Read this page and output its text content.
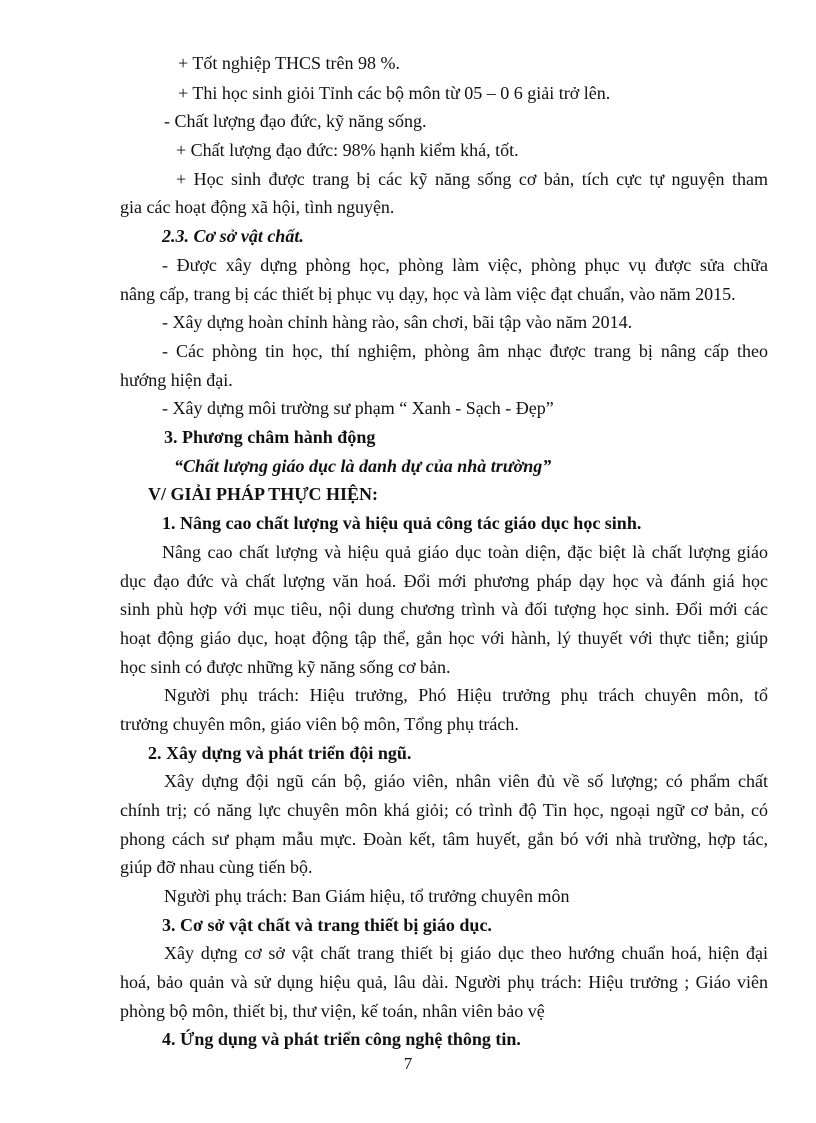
+ Tốt nghiệp THCS trên 98 %.
+ Thi học sinh giỏi Tỉnh các bộ môn từ 05 – 0 6 giải trở lên.
- Chất lượng đạo đức, kỹ năng sống.
+ Chất lượng đạo đức: 98% hạnh kiểm khá, tốt.
+ Học sinh được trang bị các kỹ năng sống cơ bản, tích cực tự nguyện tham
gia các hoạt động xã hội, tình nguyện.
2.3. Cơ sở vật chất.
- Được xây dựng phòng học, phòng làm việc, phòng phục vụ được sửa chữa
nâng cấp, trang bị các thiết bị phục vụ dạy, học và làm việc đạt chuẩn, vào năm 2015.
- Xây dựng hoàn chỉnh hàng rào, sân chơi, bãi tập vào năm 2014.
- Các phòng tin học, thí nghiệm, phòng âm nhạc được trang bị nâng cấp theo
hướng hiện đại.
- Xây dựng môi trường sư phạm “ Xanh - Sạch - Đẹp”
3. Phương châm hành động
“Chất lượng giáo dục là danh dự của nhà trường”
V/ GIẢI PHÁP THỰC HIỆN:
1. Nâng cao chất lượng và hiệu quả công tác giáo dục học sinh.
Nâng cao chất lượng và hiệu quả giáo dục toàn diện, đặc biệt là chất lượng giáo
dục đạo đức và chất lượng văn hoá. Đổi mới phương pháp dạy học và đánh giá học
sinh phù hợp với mục tiêu, nội dung chương trình và đối tượng học sinh. Đổi mới các
hoạt động giáo dục, hoạt động tập thể, gắn học với hành, lý thuyết với thực tiễn; giúp
học sinh có được những kỹ năng sống cơ bản.
Người phụ trách: Hiệu trưởng, Phó Hiệu trưởng phụ trách chuyên môn, tổ
trưởng chuyên môn, giáo viên bộ môn, Tổng phụ trách.
2. Xây dựng và phát triển đội ngũ.
Xây dựng đội ngũ cán bộ, giáo viên, nhân viên đủ về số lượng; có phẩm chất
chính trị; có năng lực chuyên môn khá giỏi; có trình độ Tin học, ngoại ngữ cơ bản, có
phong cách sư phạm mẫu mực. Đoàn kết, tâm huyết, gắn bó với nhà trường, hợp tác,
giúp đỡ nhau cùng tiến bộ.
Người phụ trách: Ban Giám hiệu, tổ trưởng chuyên môn
3. Cơ sở vật chất và trang thiết bị giáo dục.
Xây dựng cơ sở vật chất trang thiết bị giáo dục theo hướng chuẩn hoá, hiện đại
hoá, bảo quản và sử dụng hiệu quả, lâu dài. Người phụ trách: Hiệu trưởng ; Giáo viên
phòng bộ môn, thiết bị, thư viện, kế toán, nhân viên bảo vệ
4. Ứng dụng và phát triển công nghệ thông tin.
7
